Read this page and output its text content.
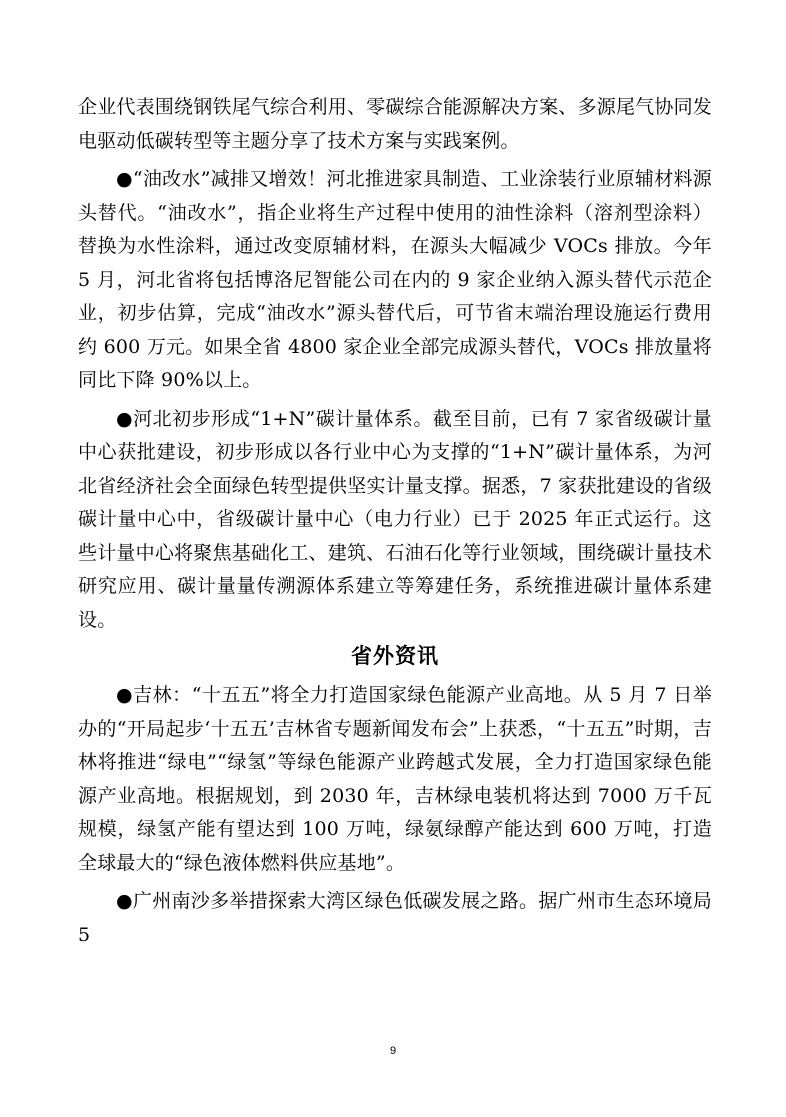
企业代表围绕钢铁尾气综合利用、零碳综合能源解决方案、多源尾气协同发电驱动低碳转型等主题分享了技术方案与实践案例。

●“油改水”减排又增效！河北推进家具制造、工业涂装行业原辅材料源头替代。“油改水”，指企业将生产过程中使用的油性涂料（溶剂型涂料）替换为水性涂料，通过改变原辅材料，在源头大幅减少 VOCs 排放。今年 5 月，河北省将包括博洛尼智能公司在内的 9 家企业纳入源头替代示范企业，初步估算，完成“油改水”源头替代后，可节省末端治理设施运行费用约 600 万元。如果全省 4800 家企业全部完成源头替代，VOCs 排放量将同比下降 90%以上。

●河北初步形成“1+N”碳计量体系。截至目前，已有 7 家省级碳计量中心获批建设，初步形成以各行业中心为支撑的“1+N”碳计量体系，为河北省经济社会全面绿色转型提供坚实计量支撑。据悉，7 家获批建设的省级碳计量中心中，省级碳计量中心（电力行业）已于 2025 年正式运行。这些计量中心将聚焦基础化工、建筑、石油石化等行业领域，围绕碳计量技术研究应用、碳计量量传溯源体系建立等筹建任务，系统推进碳计量体系建设。

省外资讯

●吉林：“十五五”将全力打造国家绿色能源产业高地。从 5 月 7 日举办的“开局起步‘十五五’吉林省专题新闻发布会”上获悉，“十五五”时期，吉林将推进“绿电”“绿氢”等绿色能源产业跨越式发展，全力打造国家绿色能源产业高地。根据规划，到 2030 年，吉林绿电装机将达到 7000 万千瓦规模，绿氢产能有望达到 100 万吨，绿氨绿醇产能达到 600 万吨，打造全球最大的“绿色液体燃料供应基地”。

●广州南沙多举措探索大湾区绿色低碳发展之路。据广州市生态环境局 5

9
